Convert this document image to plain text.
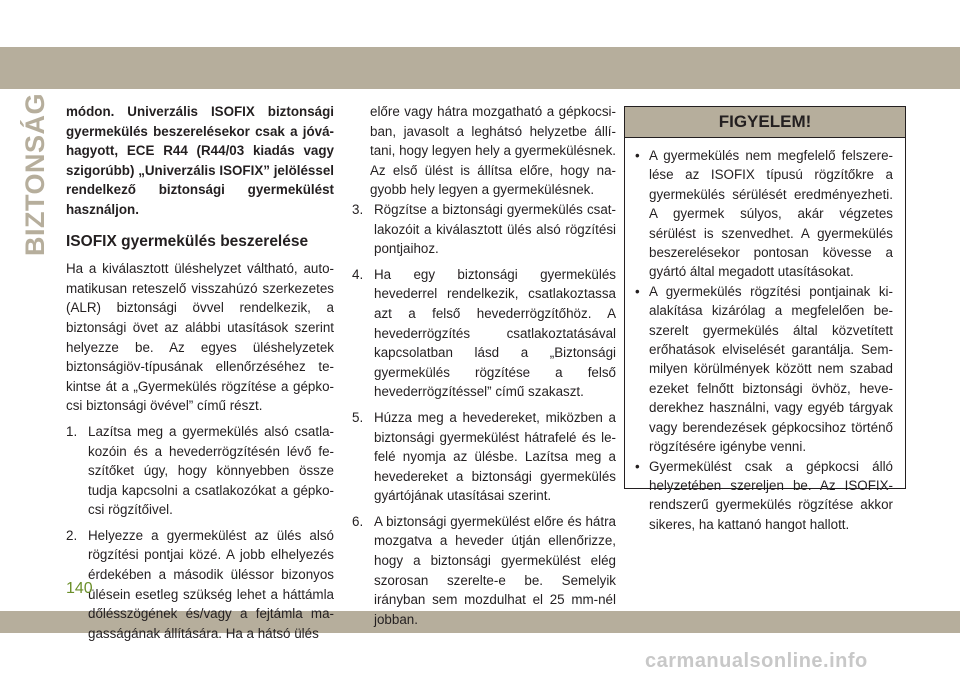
BIZTONSÁG módon. Univerzális ISOFIX biztonsági gyermekülés beszerelésekor csak a jóváhagyott, ECE R44 (R44/03 kiadás vagy szigorúbb) „Univerzális ISOFIX” jelöléssel rendelkező biztonsági gyermekülést használjon.

ISOFIX gyermekülés beszerelése

Ha a kiválasztott üléshelyzet váltható, automatikusan reteszelő visszahúzó szerkezetes (ALR) biztonsági övvel rendelkezik, a biztonsági övet az alábbi utasítások szerint helyezze be. Az egyes üléshelyzetek biztonságiöv-típusának ellenőrzéséhez tekintse át a „Gyermekülés rögzítése a gépkocsi biztonsági övével” című részt.

1. Lazítsa meg a gyermekülés alsó csatlakozóin és a hevederrögzítésén lévő feszítőket úgy, hogy könnyebben össze tudja kapcsolni a csatlakozókat a gépkocsi rögzítőivel.
2. Helyezze a gyermekülést az ülés alsó rögzítési pontjai közé. A jobb elhelyezés érdekében a második üléssor bizonyos ülésein esetleg szükség lehet a háttámla dőlésszögének és/vagy a fejtámla magasságának állítására. Ha a hátsó ülés

előre vagy hátra mozgatható a gépkocsiban, javasolt a leghátsó helyzetbe állítani, hogy legyen hely a gyermekülésnek. Az első ülést is állítsa előre, hogy nagyobb hely legyen a gyermekülésnek.

3. Rögzítse a biztonsági gyermekülés csatlakozóit a kiválasztott ülés alsó rögzítési pontjaihoz.
4. Ha egy biztonsági gyermekülés hevederrel rendelkezik, csatlakoztassa azt a felső hevederrögzítőhöz. A hevederrögzítés csatlakoztatásával kapcsolatban lásd a „Biztonsági gyermekülés rögzítése a felső hevederrögzítéssel” című szakaszt.
5. Húzza meg a hevedereket, miközben a biztonsági gyermekülést hátrafelé és lefelé nyomja az ülésbe. Lazítsa meg a hevedereket a biztonsági gyermekülés gyártójának utasításai szerint.
6. A biztonsági gyermekülést előre és hátra mozgatva a heveder útján ellenőrizze, hogy a biztonsági gyermekülést elég szorosan szerelte-e be. Semelyik irányban sem mozdulhat el 25 mm-nél jobban.
FIGYELEM!
• A gyermekülés nem megfelelő felszerelése az ISOFIX típusú rögzítőkre a gyermekülés sérülését eredményezheti. A gyermek súlyos, akár végzetes sérülést is szenvedhet. A gyermekülés beszerelésekor pontosan kövesse a gyártó által megadott utasításokat.
• A gyermekülés rögzítési pontjainak kialakítása kizárólag a megfelelően beszerelt gyermekülés által közvetített erőhatások elviselését garantálja. Semmilyen körülmények között nem szabad ezeket felnőtt biztonsági övhöz, hevederekhez használni, vagy egyéb tárgyak vagy berendezések gépkocsihoz történő rögzítésére igénybe venni.
• Gyermekülést csak a gépkocsi álló helyzetében szereljen be. Az ISOFIX-rendszerű gyermekülés rögzítése akkor sikeres, ha kattanó hangot hallott.
140
carmanualsonline.info
